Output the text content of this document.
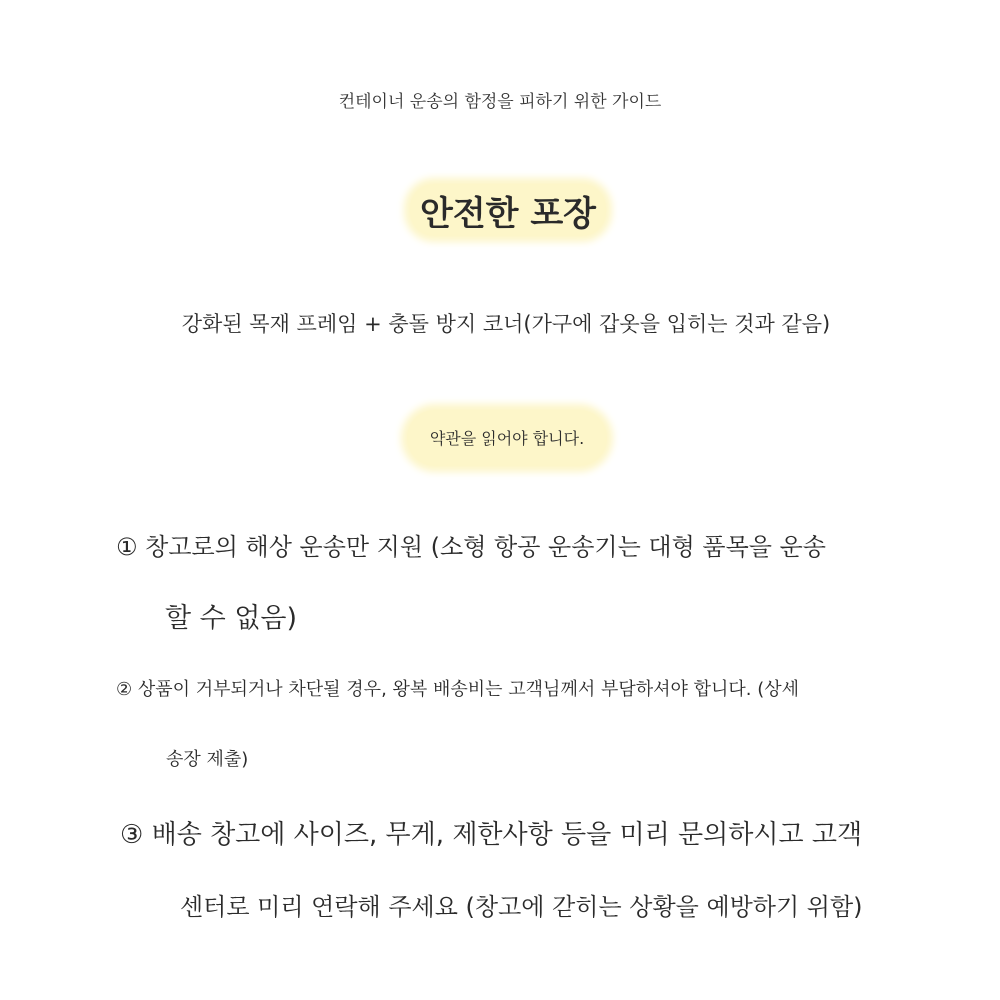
컨테이너 운송의 함정을 피하기 위한 가이드
안전한 포장
강화된 목재 프레임 + 충돌 방지 코너(가구에 갑옷을 입히는 것과 같음)
약관을 읽어야 합니다.
① 창고로의 해상 운송만 지원 (소형 항공 운송기는 대형 품목을 운송
할 수 없음)
② 상품이 거부되거나 차단될 경우, 왕복 배송비는 고객님께서 부담하셔야 합니다. (상세
송장 제출)
③ 배송 창고에 사이즈, 무게, 제한사항 등을 미리 문의하시고 고객
센터로 미리 연락해 주세요 (창고에 갇히는 상황을 예방하기 위함)
